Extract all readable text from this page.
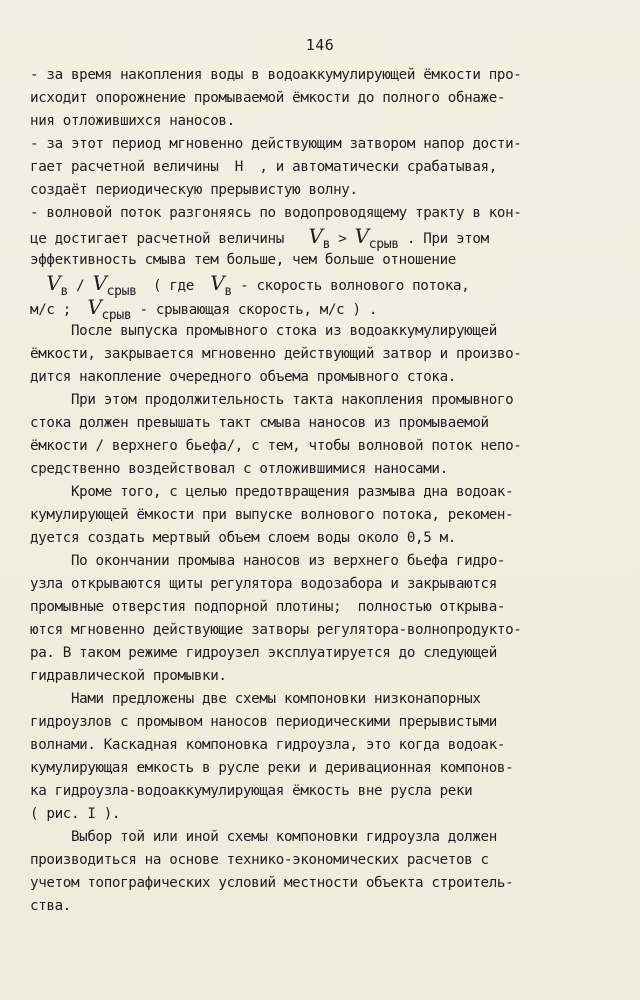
146
- за время накопления воды в водоаккумулирующей ёмкости про-
исходит опорожнение промываемой ёмкости до полного обнаже-
ния отложившихся наносов.
- за этот период мгновенно действующим затвором напор дости-
гает расчетной величины  Н  , и автоматически срабатывая,
создаёт периодическую прерывистую волну.
- волновой поток разгоняясь по водопроводящему тракту в кон-
це достигает расчетной величины   Vв > Vсрыв . При этом
эффективность смыва тем больше, чем больше отношение
Vв / Vсрыв  ( где  Vв - скорость волнового потока,
м/с ;  Vсрыв - срывающая скорость, м/с ) .
После выпуска промывного стока из водоаккумулирующей
ёмкости, закрывается мгновенно действующий затвор и произво-
дится накопление очередного объема промывного стока.
При этом продолжительность такта накопления промывного
стока должен превышать такт смыва наносов из промываемой
ёмкости / верхнего бьефа/, с тем, чтобы волновой поток непо-
средственно воздействовал с отложившимися наносами.
Кроме того, с целью предотвращения размыва дна водоак-
кумулирующей ёмкости при выпуске волнового потока, рекомен-
дуется создать мертвый объем слоем воды около 0,5 м.
По окончании промыва наносов из верхнего бьефа гидро-
узла открываются щиты регулятора водозабора и закрываются
промывные отверстия подпорной плотины;  полностью открыва-
ются мгновенно действующие затворы регулятора-волнопродукто-
ра. В таком режиме гидроузел эксплуатируется до следующей
гидравлической промывки.
Нами предложены две схемы компоновки низконапорных
гидроузлов с промывом наносов периодическими прерывистыми
волнами. Каскадная компоновка гидроузла, это когда водоак-
кумулирующая емкость в русле реки и деривационная компонов-
ка гидроузла-водоаккумулирующая ёмкость вне русла реки
( рис. I ).
Выбор той или иной схемы компоновки гидроузла должен
производиться на основе технико-экономических расчетов с
учетом топографических условий местности объекта строитель-
ства.
